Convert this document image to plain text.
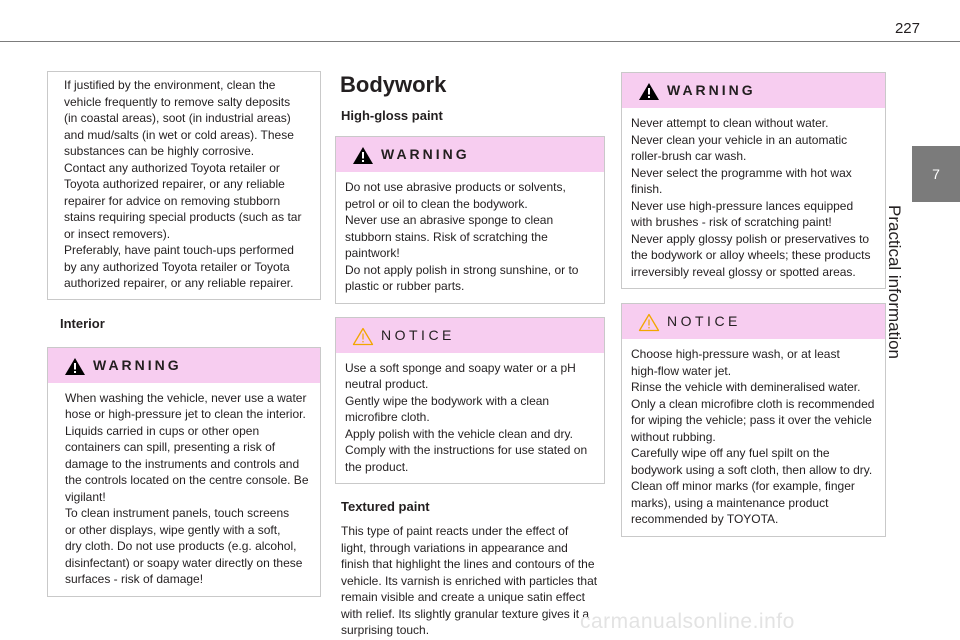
227
7
Practical information
If justified by the environment, clean the
vehicle frequently to remove salty deposits
(in coastal areas), soot (in industrial areas)
and mud/salts (in wet or cold areas). These
substances can be highly corrosive.
Contact any authorized Toyota retailer or
Toyota authorized repairer, or any reliable
repairer for advice on removing stubborn
stains requiring special products (such as tar
or insect removers).
Preferably, have paint touch-ups performed
by any authorized Toyota retailer or Toyota
authorized repairer, or any reliable repairer.
Interior
WARNING
When washing the vehicle, never use a water
hose or high-pressure jet to clean the interior.
Liquids carried in cups or other open
containers can spill, presenting a risk of
damage to the instruments and controls and
the controls located on the centre console. Be
vigilant!
To clean instrument panels, touch screens
or other displays, wipe gently with a soft,
dry cloth. Do not use products (e.g. alcohol,
disinfectant) or soapy water directly on these
surfaces - risk of damage!
Bodywork
High-gloss paint
WARNING
Do not use abrasive products or solvents,
petrol or oil to clean the bodywork.
Never use an abrasive sponge to clean
stubborn stains. Risk of scratching the
paintwork!
Do not apply polish in strong sunshine, or to
plastic or rubber parts.
NOTICE
Use a soft sponge and soapy water or a pH
neutral product.
Gently wipe the bodywork with a clean
microfibre cloth.
Apply polish with the vehicle clean and dry.
Comply with the instructions for use stated on
the product.
Textured paint
This type of paint reacts under the effect of
light, through variations in appearance and
finish that highlight the lines and contours of the
vehicle. Its varnish is enriched with particles that
remain visible and create a unique satin effect
with relief. Its slightly granular texture gives it a
surprising touch.
WARNING
Never attempt to clean without water.
Never clean your vehicle in an automatic
roller-brush car wash.
Never select the programme with hot wax
finish.
Never use high-pressure lances equipped
with brushes - risk of scratching paint!
Never apply glossy polish or preservatives to
the bodywork or alloy wheels; these products
irreversibly reveal glossy or spotted areas.
NOTICE
Choose high-pressure wash, or at least
high-flow water jet.
Rinse the vehicle with demineralised water.
Only a clean microfibre cloth is recommended
for wiping the vehicle; pass it over the vehicle
without rubbing.
Carefully wipe off any fuel spilt on the
bodywork using a soft cloth, then allow to dry.
Clean off minor marks (for example, finger
marks), using a maintenance product
recommended by TOYOTA.
carmanualsonline.info
